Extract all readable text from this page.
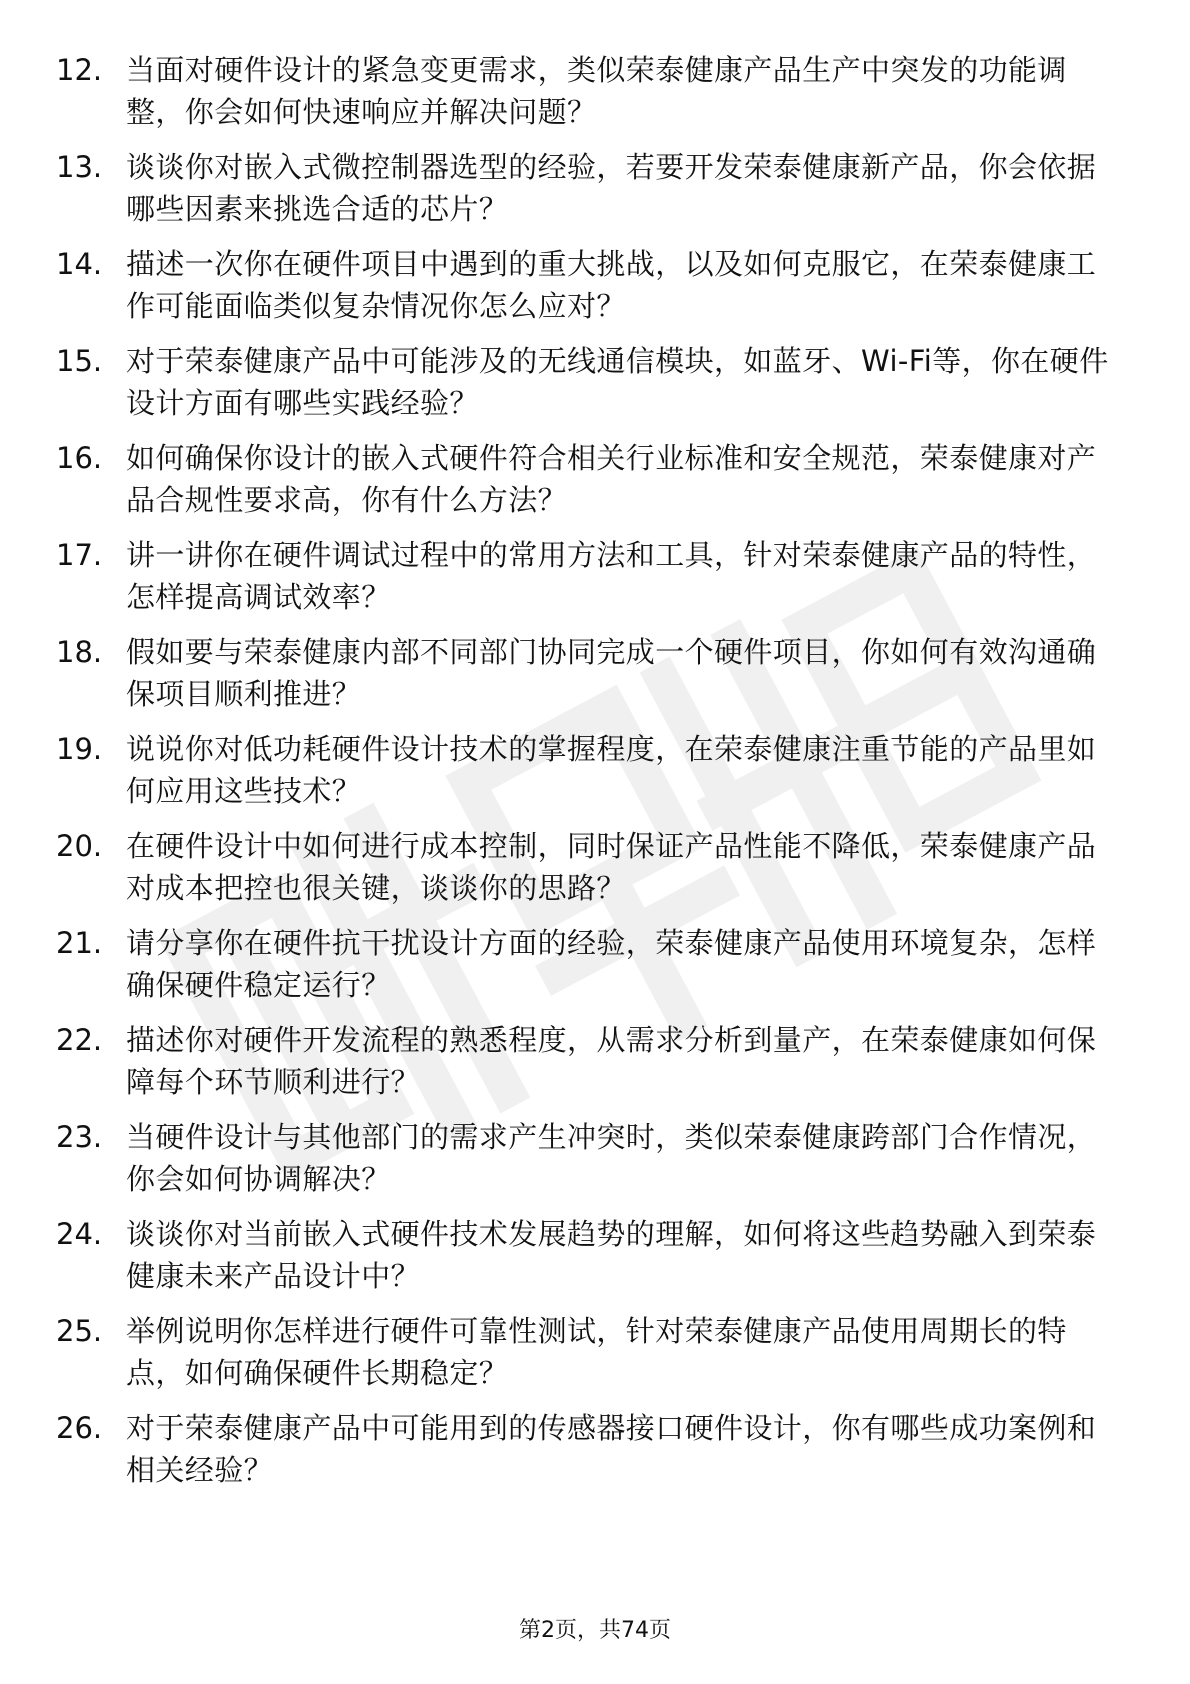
12. 当面对硬件设计的紧急变更需求，类似荣泰健康产品生产中突发的功能调整，你会如何快速响应并解决问题？
13. 谈谈你对嵌入式微控制器选型的经验，若要开发荣泰健康新产品，你会依据哪些因素来挑选合适的芯片？
14. 描述一次你在硬件项目中遇到的重大挑战，以及如何克服它，在荣泰健康工作可能面临类似复杂情况你怎么应对？
15. 对于荣泰健康产品中可能涉及的无线通信模块，如蓝牙、Wi-Fi等，你在硬件设计方面有哪些实践经验？
16. 如何确保你设计的嵌入式硬件符合相关行业标准和安全规范，荣泰健康对产品合规性要求高，你有什么方法？
17. 讲一讲你在硬件调试过程中的常用方法和工具，针对荣泰健康产品的特性，怎样提高调试效率？
18. 假如要与荣泰健康内部不同部门协同完成一个硬件项目，你如何有效沟通确保项目顺利推进？
19. 说说你对低功耗硬件设计技术的掌握程度，在荣泰健康注重节能的产品里如何应用这些技术？
20. 在硬件设计中如何进行成本控制，同时保证产品性能不降低，荣泰健康产品对成本把控也很关键，谈谈你的思路？
21. 请分享你在硬件抗干扰设计方面的经验，荣泰健康产品使用环境复杂，怎样确保硬件稳定运行？
22. 描述你对硬件开发流程的熟悉程度，从需求分析到量产，在荣泰健康如何保障每个环节顺利进行？
23. 当硬件设计与其他部门的需求产生冲突时，类似荣泰健康跨部门合作情况，你会如何协调解决？
24. 谈谈你对当前嵌入式硬件技术发展趋势的理解，如何将这些趋势融入到荣泰健康未来产品设计中？
25. 举例说明你怎样进行硬件可靠性测试，针对荣泰健康产品使用周期长的特点，如何确保硬件长期稳定？
26. 对于荣泰健康产品中可能用到的传感器接口硬件设计，你有哪些成功案例和相关经验？
第2页，共74页
